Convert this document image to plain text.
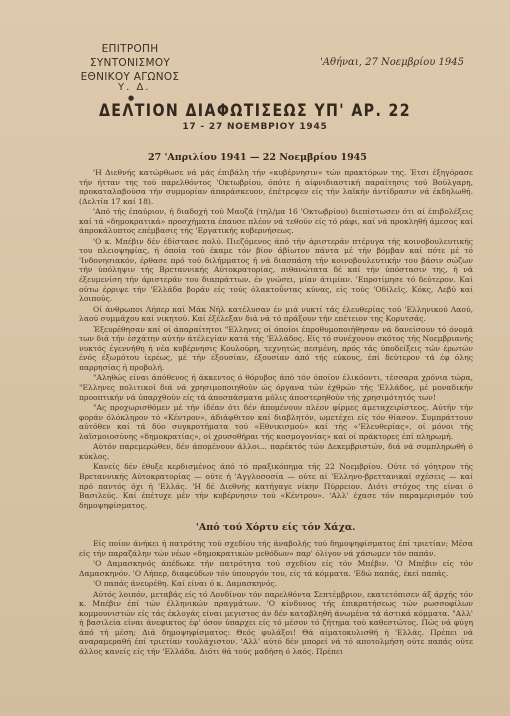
ΕΠΙΤΡΟΠΗ ΣΥΝΤΟΝΙΣΜΟΥ
ΕΘΝΙΚΟΥ ΑΓΩΝΟΣ
'Αθήναι, 27 Νοεμβρίου 1945
Υ. Δ.
●
ΔΕΛΤΙΟΝ ΔΙΑΦΩΤΙΣΕΩΣ ΥΠ' ΑΡ. 22
17 - 27 ΝΟΕΜΒΡΙΟΥ 1945
27 'Απριλίου 1941 — 22 Νοεμβρίου 1945

'Η Διεθνής κατώρθωσε νά μάς έπιβάλη τήν «κυβέρνησιν» τών πρακτόρων της. Έτσι έξηγόρασε τήν ήτταν της τού παρελθόντος 'Οκτωβρίου, όπότε ή αίφνιδιαστική παραίτησις τού Βούλγαρη, προκαταλαβούσα τήν συμμορίαν άπαράσκευον, έπέτρεψεν είς τήν λαϊκήν άντίδρασιν νά έκδηλωθή. (Δελτία 17 καί 18).

'Από τής έπαύριον, ή διαδοχή τού Μαυζά (τηλ/μα 16 'Οκτωβρίου) διεπίστωσεν ότι αί έπιβολέξεις καί τά «δημοκρατικά» προσχήματα έπαυσε πλέον νά τεθούν είς τό ράφι, καί νά προκληθή άμεσος καί άπροκάλυπτος επέμβασις τής 'Εργατικής κυβερνήσεως.

'Ο κ. Μπέβιν δέν έδίστασε πολύ. Πιεζόμενος άπό τήν άριστεράν πτέρυγα τής κοινοβουλευτικής του πλειοψηφίας, ή όποία τού έκαμε τόν βίον άβίωτον πάντα μέ τήν βόμβαν καί πότε μέ τό 'Ινδονησιακόν, έρθασε πρό τού διλήμματος ή νά διασπάση τήν κοινοβουλευτικήν του βάσιν σώζων τήν ύπόληψιν τής Βρεταννικής Αύτοκρατορίας, πιθανώτατα δέ καί τήν ύπόστασιν της, ή νά έξευμενίση τήν άριστεράν του διαπράττων, έν γνώσει, μίαν άτιμίαν. 'Επροτίμησε τό δεύτερον. Καί ούτω έρριψε τήν 'Ελλάδα βοράν είς τούς όλακτοΰντας κύνας, είς τούς 'Οδίλεϊς, Κόκς, Λεβύ καί λοιπούς.

Οί άνθρωποι Λήπερ καί Μάκ Νήλ κατέλυσαν έν μιά νυκτί τάς έλευθερίας τού 'Ελληνικού Λαού, λαού συμμάχου καί νικητού. Καί έξέλεξαν διά νά τό πράξουν τήν επέτειον της Κορυτσάς.

Έξευρέθησαν καί οί άπαραίτητοι "Ελληνες οί όποίοι έπροθυμοποιήθησαν νά δανείσουν τό όνομά των διά τήν έσχάτην αύτήν άτέλεγίαν κατά τής 'Ελλάδος. Είς τό συνέχονον σκότος τής Νοεμβριανής νυκτός έγεννήθη ή νέα κυβέρνησις Κουλούρη, τεχνητώς πεσμένη, πρός τάς ύποδείξεις τών έρωτών ένός έξωμότου ίερέως, μέ τήν έξουσίαν, έξουσίαν άπό τής εύκους, έπί δεύτερον τά έφ όλης παρρησίας ή προβολή.

"Αληθώς είναι άπόθενος ή άκκεντος ό θόρυβος άπό τόν όποίον έλικόοντι, τέσσαρα χρόνια τώρα, "Ελληνες πολιτικοί διά νά χρησιμοποιηθούν ώς όργανα τών έχθρών τής 'Ελλάδος, μέ μοναδικήν προοπτικήν νά ύπαρχθούν είς τά άποσπάσματα μόλις άποστερηθούν τής χρησιμότητός των!

"Ας προχωρισθόμεν μέ τήν ίδέαν ότι δέν άπομένουν πλέον φίρμες άμεταχειρίστεος. Αύτήν τήν φοράν όλόκληρον τό «Κέντρον», άδιάφθιτον καί διαβλητόν, ωμετέχει είς τόν θίασον. Συμπράττουν αύτόθεν καί τά δύο συγκροτήματα τού «Εθνικισμού» καί τής «'Ελευθερίας», οί μόνοι τής λαϊσμοιοσύνης «δημοκρατίας», οί χρυσοθήραι τής κοσμογονίας» καί οί πράκτορες έπί πληρωμή.

Αύτόν παρεμερώθεν, δέν άπομένουν άλλοι... παρέκτός τών Δεκεμβριστών, διά νά συμπληρωθή ό κύκλος.

Κανείς δέν έθυξε κερδισμένος άπό τό πραξικόπημα τής 22 Νοεμβρίου. Ούτε τό γόητρον τής Βρεταννικής Αύτοκρατορίας — ούτε ή 'Αγγλοσοσία — ούτε αί 'Ελληνο-βρεττανικαί σχέσεις — καί πρό παντός όχι ή 'Ελλάς. 'Η δέ Διεθνής κατήγαγε νίκην Πύρρειον. Διότι στόχος της είναι ό Βασιλεύς. Καί έπέτυχε μέν τήν κυβέρνησιν τού «Κέντρου». 'Αλλ' έχασε τόν παραμερισμόν τού δημοψηφίσματος.

'Από τού Χόρτυ είς τόν Χάχα.

Είς ποίον άνήκει ή πατρότης τού σχεδίου τής άναβολής τού δημοψηφίσματος έπί τριετίαν; Μέσα είς τήν παραζάλην τών νέων «δημοκρατικών μεθόδων» παρ' όλίγον νά χάσωμεν τόν παπάν.

'Ο Δαμασκηνός άπέδωκε τήν πατρότητα τού σχεδίου είς τόν Μπέβιν. 'Ο Μπέβιν είς τόν Δαμασκηνόν. 'Ο Λήπερ, διαφεύδων τόν ύπουργόν του, είς τά κόμματα. 'Εδώ παπάς, έκεί παπάς.

'Ο παπάς άνευρέθη. Καί είναι ό κ. Δαμασκηνός.

Αύτός λοιπόν, μεταβάς είς τό Λονδίνον τόν παρελθόντα Σεπτέμβριον, εκατετόπισεν άξ άρχής τόν κ. Μπέβιν έπί τών έλληνικών πραγμάτων. 'Ο κίνδυνος τής έπικρατήσεως τών ρωσσοφίλων κομμουνιστών είς τάς έκλογάς είναι μεγιστος άν δέν καταβληθή άνωμένα τά άστικά κόμματα. "Αλλ' ή βασιλεία είναι άνεφικτος έφ' όσον ύπαρχει είς τό μέσον τό ζήτημα τού καθεστώτος. Πώς νά φύγη άπό τή μέση; Διά δημοψηφίσματος: Θεός φυλάξοι! Θά αίματοκυλισθή ή 'Ελλάς. Πρέπει νά αναραμεραθή έπί τριετίαν τουλάχιστον. 'Αλλ' αύτό δέν μπορεί νά τό αποτολμήση ούτε παπάς ούτε άλλος κανείς είς τήν 'Ελλάδα. Διότι θά τούς μαδήση ό λαός. Πρέπει
